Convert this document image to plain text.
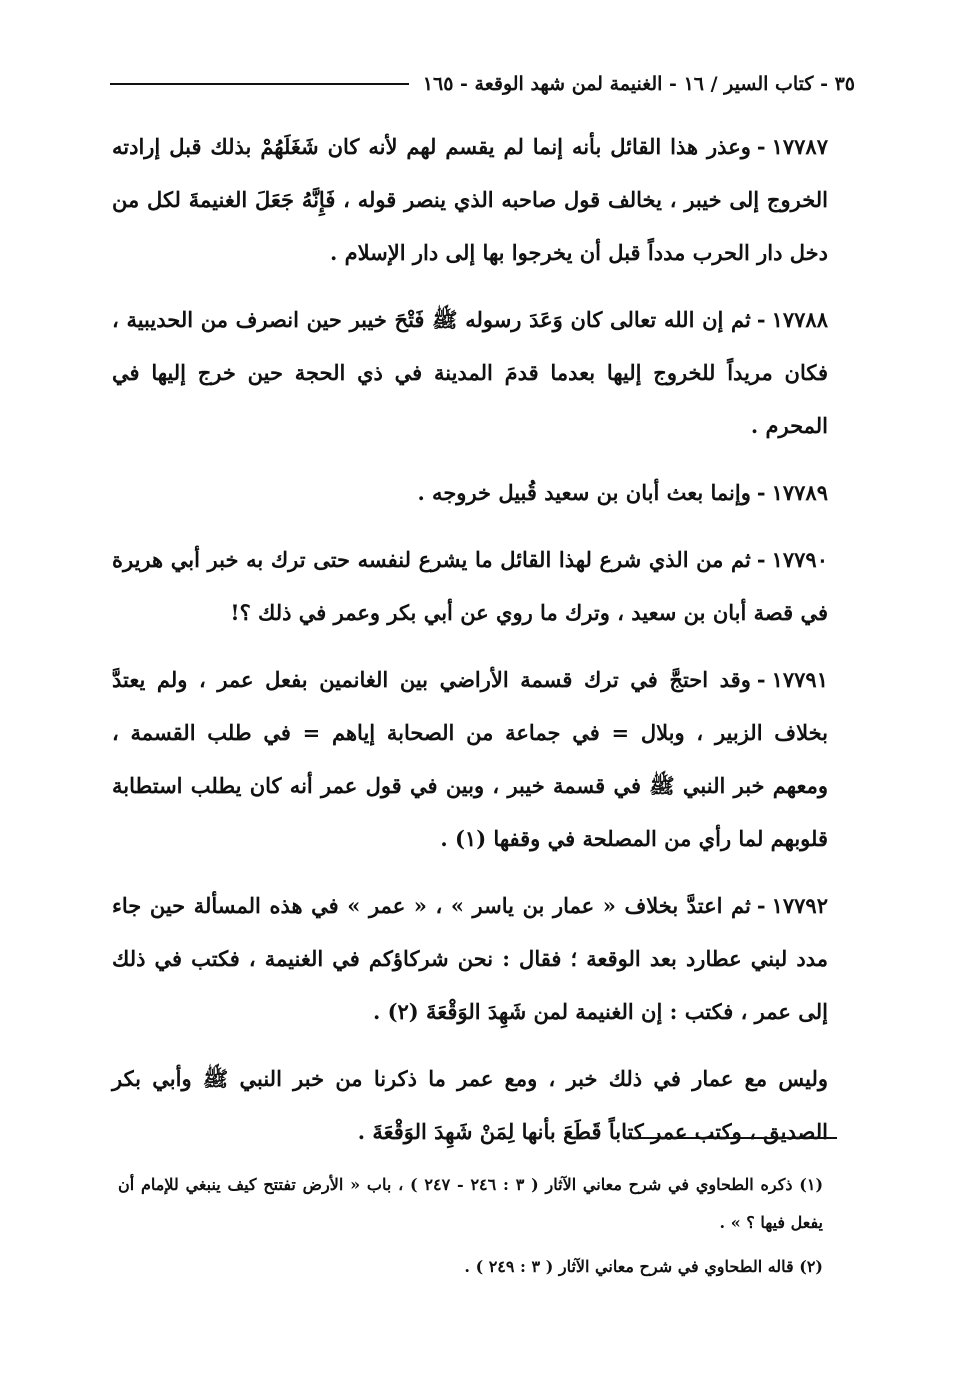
٣٥ - كتاب السير / ١٦ - الغنيمة لمن شهد الوقعة - ١٦٥

١٧٧٨٧-وعذر هذا القائل بأنه إنما لم يقسم لهم لأنه كان شَغَلَهُمْ بذلك قبل إرادته الخروج إلى خيبر ، يخالف قول صاحبه الذي ينصر قوله ، فَإِنَّهُ جَعَلَ الغنيمةَ لكل من دخل دار الحرب مدداً قبل أن يخرجوا بها إلى دار الإسلام .

١٧٧٨٨-ثم إن الله تعالى كان وَعَدَ رسوله ﷺ فَتْحَ خيبر حين انصرف من الحديبية ، فكان مريداً للخروج إليها بعدما قدمَ المدينة في ذي الحجة حين خرج إليها في المحرم .

١٧٧٨٩-وإنما بعث أبان بن سعيد قُبيل خروجه .

١٧٧٩٠-ثم من الذي شرع لهذا القائل ما يشرع لنفسه حتى ترك به خبر أبي هريرة في قصة أبان بن سعيد ، وترك ما روي عن أبي بكر وعمر في ذلك ؟!

١٧٧٩١-وقد احتجَّ في ترك قسمة الأراضي بين الغانمين بفعل عمر ، ولم يعتدَّ بخلاف الزبير ، وبلال = في جماعة من الصحابة إياهم = في طلب القسمة ، ومعهم خبر النبي ﷺ في قسمة خيبر ، وبين في قول عمر أنه كان يطلب استطابة قلوبهم لما رأي من المصلحة في وقفها (١) .

١٧٧٩٢-ثم اعتدَّ بخلاف « عمار بن ياسر » ، « عمر » في هذه المسألة حين جاء مدد لبني عطارد بعد الوقعة ؛ فقال : نحن شركاؤكم في الغنيمة ، فكتب في ذلك إلى عمر ، فكتب : إن الغنيمة لمن شَهِدَ الوَقْعَةَ (٢) .

وليس مع عمار في ذلك خبر ، ومع عمر ما ذكرنا من خبر النبي ﷺ وأبي بكر الصديق ، وكتب عمر كتاباً قَطَعَ بأنها لِمَنْ شَهِدَ الوَقْعَةَ .

(١) ذكره الطحاوي في شرح معاني الآثار ( ٣ : ٢٤٦ - ٢٤٧ ) ، باب « الأرض تفتتح كيف ينبغي للإمام أن يفعل فيها ؟ » .

(٢) قاله الطحاوي في شرح معاني الآثار ( ٣ : ٢٤٩ ) .
